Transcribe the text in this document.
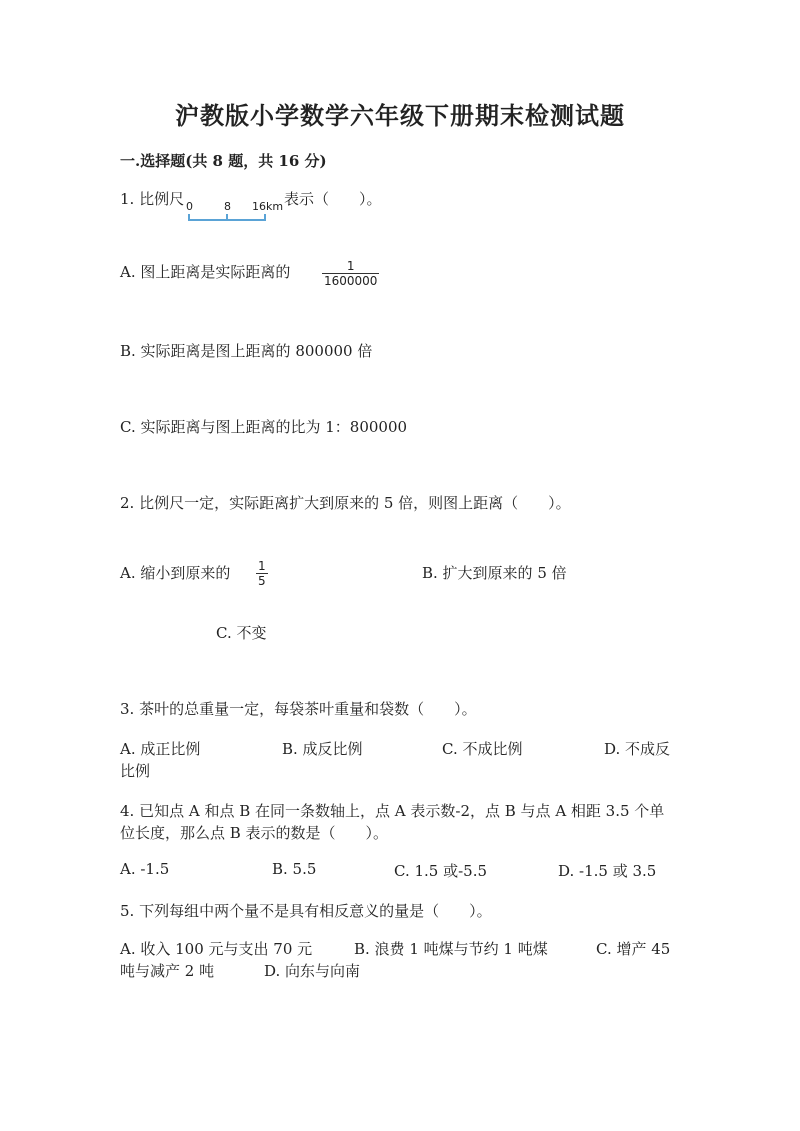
沪教版小学数学六年级下册期末检测试题
一.选择题(共 8 题，共 16 分)
1. 比例尺 0	8 16km 表示（　　）。
A. 图上距离是实际距离的	$\frac{1}{1600000}$
B. 实际距离是图上距离的 800000 倍
C. 实际距离与图上距离的比为 1：800000
2. 比例尺一定，实际距离扩大到原来的 5 倍，则图上距离（　　）。
A. 缩小到原来的 $\frac{1}{5}$	B. 扩大到原来的 5 倍
C. 不变
3. 茶叶的总重量一定，每袋茶叶重量和袋数（　　）。
A. 成正比例	B. 成反比例	C. 不成比例	D. 不成反
比例
4. 已知点 A 和点 B 在同一条数轴上，点 A 表示数-2，点 B 与点 A 相距 3.5 个单
位长度，那么点 B 表示的数是（　　）。
A. -1.5	B. 5.5	C. 1.5 或-5.5	D. -1.5 或 3.5
5. 下列每组中两个量不是具有相反意义的量是（　　）。
A. 收入 100 元与支出 70 元	B. 浪费 1 吨煤与节约 1 吨煤	C. 增产 45
吨与减产 2 吨	D. 向东与向南
